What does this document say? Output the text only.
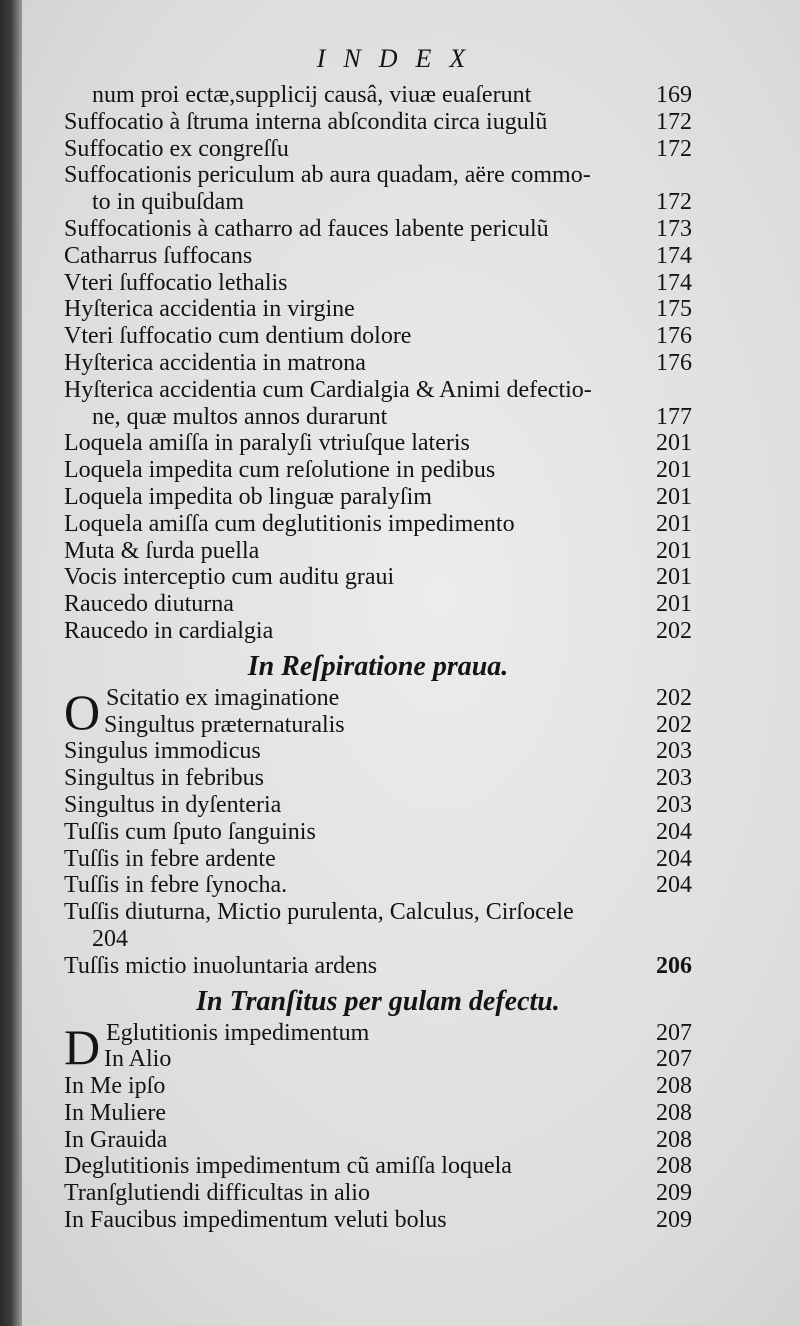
INDEX
num proi ectæ,supplicij causâ, viuæ euaſerunt	169
Suffocatio à ſtruma interna abſcondita circa iugulũ	172
Suffocatio ex congreſſu	172
Suffocationis periculum ab aura quadam, aëre commo-
to in quibuſdam	172
Suffocationis à catharro ad fauces labente periculũ	173
Catharrus ſuffocans	174
Vteri ſuffocatio lethalis	174
Hyſterica accidentia in virgine	175
Vteri ſuffocatio cum dentium dolore	176
Hyſterica accidentia in matrona	176
Hyſterica accidentia cum Cardialgia & Animi defectio-
ne, quæ multos annos durarunt	177
Loquela amiſſa in paralyſi vtriuſque lateris	201
Loquela impedita cum reſolutione in pedibus	201
Loquela impedita ob linguæ paralyſim	201
Loquela amiſſa cum deglutitionis impedimento	201
Muta & ſurda puella	201
Vocis interceptio cum auditu graui	201
Raucedo diuturna	201
Raucedo in cardialgia	202
In Reſpiratione praua.
O Scitatio ex imaginatione	202
Singultus præternaturalis	202
Singulus immodicus	203
Singultus in febribus	203
Singultus in dyſenteria	203
Tuſſis cum ſputo ſanguinis	204
Tuſſis in febre ardente	204
Tuſſis in febre ſynocha.	204
Tuſſis diuturna, Mictio purulenta, Calculus, Cirſocele
204
Tuſſis mictio inuoluntaria ardens	206
In Tranſitus per gulam defectu.
D Eglutitionis impedimentum	207
In Alio	207
In Me ipſo	208
In Muliere	208
In Grauida	208
Deglutitionis impedimentum cũ amiſſa loquela	208
Tranſglutiendi difficultas in alio	209
In Faucibus impedimentum veluti bolus	209
